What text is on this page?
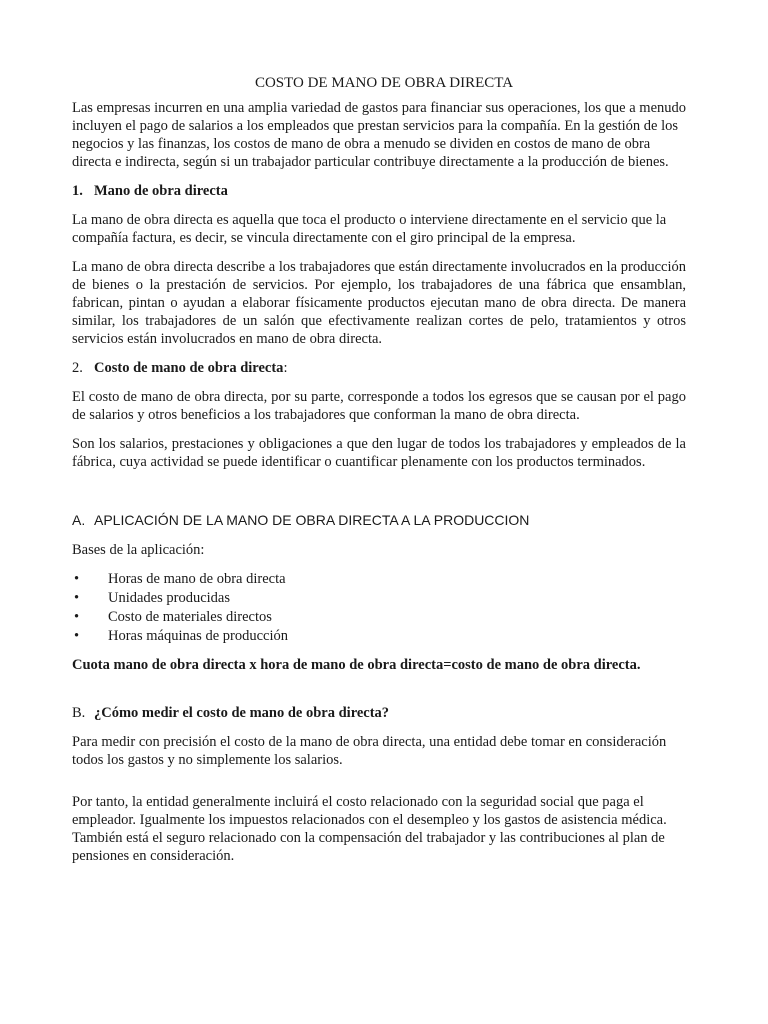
COSTO DE MANO DE OBRA DIRECTA

Las empresas incurren en una amplia variedad de gastos para financiar sus operaciones, los que a menudo incluyen el pago de salarios a los empleados que prestan servicios para la compañía. En la gestión de los negocios y las finanzas, los costos de mano de obra a menudo se dividen en costos de mano de obra directa e indirecta, según si un trabajador particular contribuye directamente a la producción de bienes.

1. Mano de obra directa

La mano de obra directa es aquella que toca el producto o interviene directamente en el servicio que la compañía factura, es decir, se vincula directamente con el giro principal de la empresa.

La mano de obra directa describe a los trabajadores que están directamente involucrados en la producción de bienes o la prestación de servicios. Por ejemplo, los trabajadores de una fábrica que ensamblan, fabrican, pintan o ayudan a elaborar físicamente productos ejecutan mano de obra directa. De manera similar, los trabajadores de un salón que efectivamente realizan cortes de pelo, tratamientos y otros servicios están involucrados en mano de obra directa.

2. Costo de mano de obra directa:

El costo de mano de obra directa, por su parte, corresponde a todos los egresos que se causan por el pago de salarios y otros beneficios a los trabajadores que conforman la mano de obra directa.

Son los salarios, prestaciones y obligaciones a que den lugar de todos los trabajadores y empleados de la fábrica, cuya actividad se puede identificar o cuantificar plenamente con los productos terminados.

A. APLICACIÓN DE LA MANO DE OBRA DIRECTA A LA PRODUCCION

Bases de la aplicación:

•	Horas de mano de obra directa
•	Unidades producidas
•	Costo de materiales directos
•	Horas máquinas de producción

Cuota mano de obra directa x hora de mano de obra directa=costo de mano de obra directa.

B. ¿Cómo medir el costo de mano de obra directa?

Para medir con precisión el costo de la mano de obra directa, una entidad debe tomar en consideración todos los gastos y no simplemente los salarios.

Por tanto, la entidad generalmente incluirá el costo relacionado con la seguridad social que paga el empleador. Igualmente los impuestos relacionados con el desempleo y los gastos de asistencia médica. También está el seguro relacionado con la compensación del trabajador y las contribuciones al plan de pensiones en consideración.
